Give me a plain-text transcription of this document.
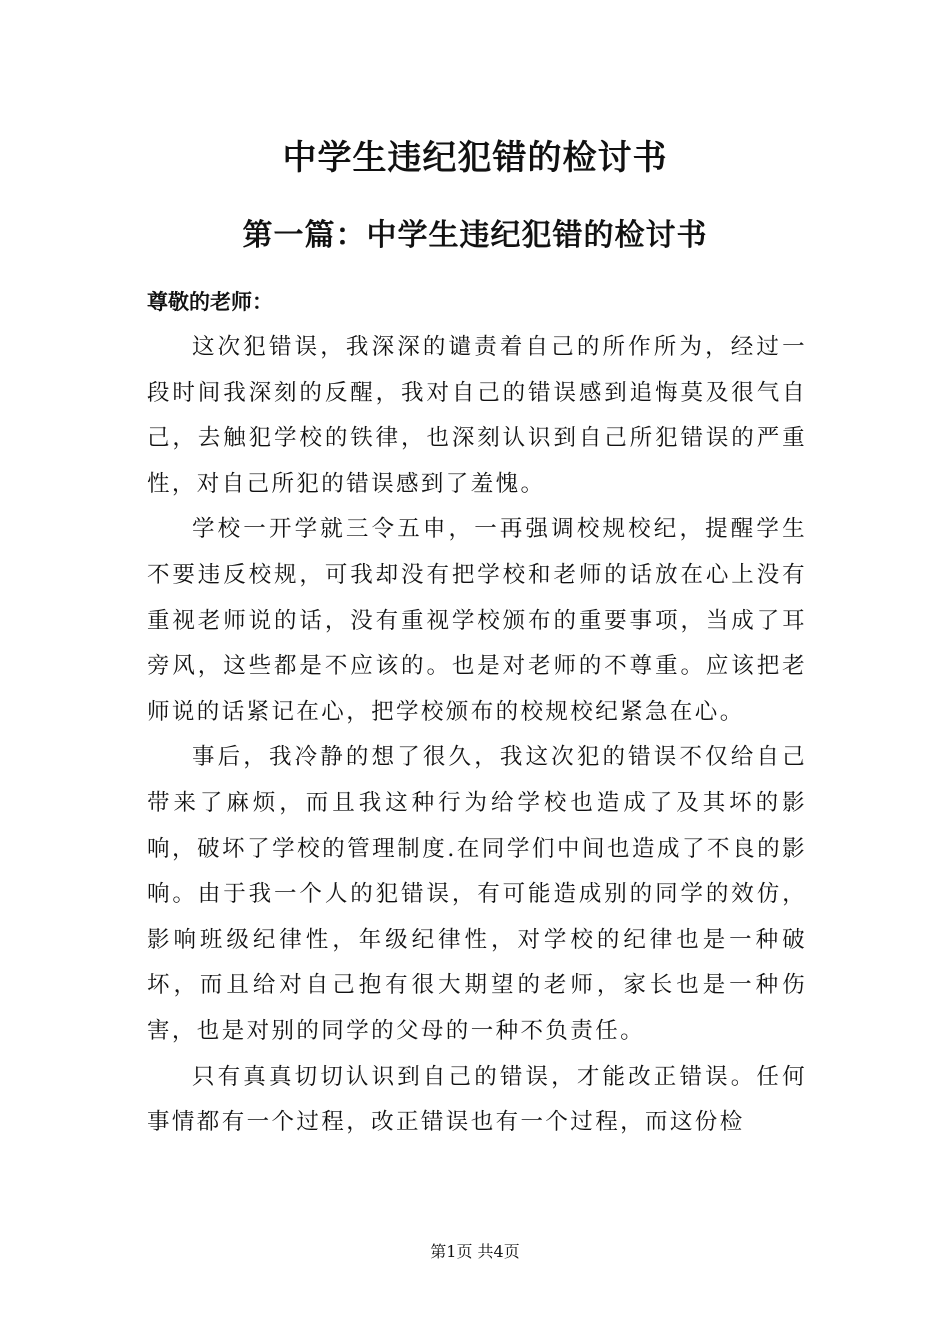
中学生违纪犯错的检讨书
第一篇：中学生违纪犯错的检讨书
尊敬的老师：

这次犯错误，我深深的谴责着自己的所作所为，经过一段时间我深刻的反醒，我对自己的错误感到追悔莫及很气自己，去触犯学校的铁律，也深刻认识到自己所犯错误的严重性，对自己所犯的错误感到了羞愧。

学校一开学就三令五申，一再强调校规校纪，提醒学生不要违反校规，可我却没有把学校和老师的话放在心上没有重视老师说的话，没有重视学校颁布的重要事项，当成了耳旁风，这些都是不应该的。也是对老师的不尊重。应该把老师说的话紧记在心，把学校颁布的校规校纪紧急在心。

事后，我冷静的想了很久，我这次犯的错误不仅给自己带来了麻烦，而且我这种行为给学校也造成了及其坏的影响，破坏了学校的管理制度.在同学们中间也造成了不良的影响。由于我一个人的犯错误，有可能造成别的同学的效仿，影响班级纪律性，年级纪律性，对学校的纪律也是一种破坏，而且给对自己抱有很大期望的老师，家长也是一种伤害，也是对别的同学的父母的一种不负责任。

只有真真切切认识到自己的错误，才能改正错误。任何事情都有一个过程，改正错误也有一个过程，而这份检

第1页 共4页
